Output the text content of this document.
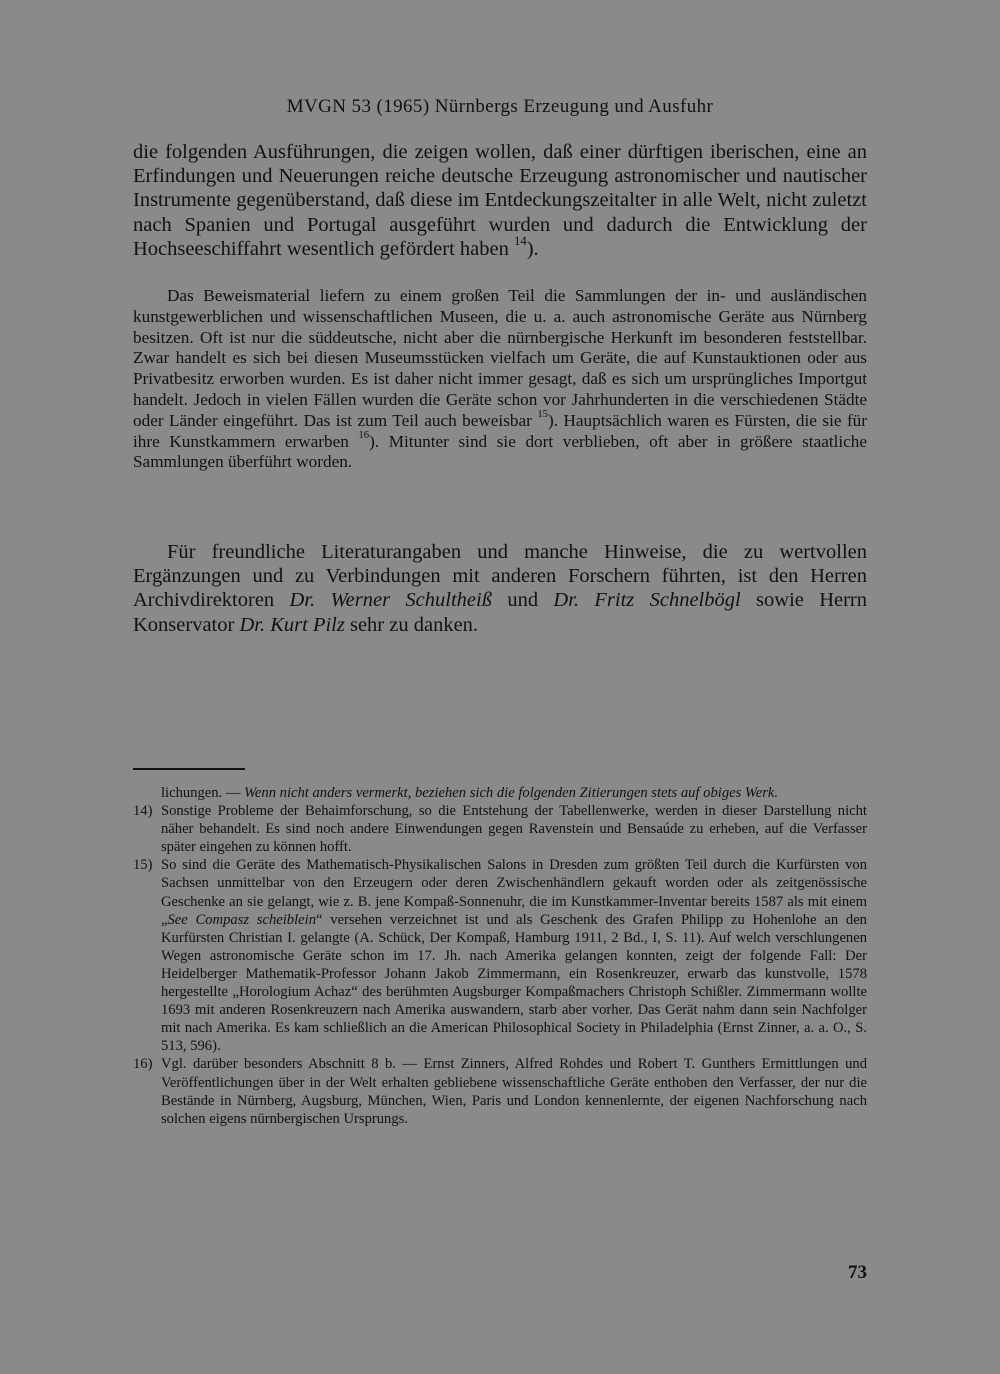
MVGN 53 (1965) Nürnbergs Erzeugung und Ausfuhr

die folgenden Ausführungen, die zeigen wollen, daß einer dürftigen iberischen, eine an Erfindungen und Neuerungen reiche deutsche Erzeugung astronomischer und nautischer Instrumente gegenüberstand, daß diese im Entdeckungszeitalter in alle Welt, nicht zuletzt nach Spanien und Portugal ausgeführt wurden und dadurch die Entwicklung der Hochseeschiffahrt wesentlich gefördert haben $^{14}$).

Das Beweismaterial liefern zu einem großen Teil die Sammlungen der in- und ausländischen kunstgewerblichen und wissenschaftlichen Museen, die u. a. auch astronomische Geräte aus Nürnberg besitzen. Oft ist nur die süddeutsche, nicht aber die nürnbergische Herkunft im besonderen feststellbar. Zwar handelt es sich bei diesen Museumsstücken vielfach um Geräte, die auf Kunstauktionen oder aus Privatbesitz erworben wurden. Es ist daher nicht immer gesagt, daß es sich um ursprüngliches Importgut handelt. Jedoch in vielen Fällen wurden die Geräte schon vor Jahrhunderten in die verschiedenen Städte oder Länder eingeführt. Das ist zum Teil auch beweisbar $^{15}$). Hauptsächlich waren es Fürsten, die sie für ihre Kunstkammern erwarben $^{16}$). Mitunter sind sie dort verblieben, oft aber in größere staatliche Sammlungen überführt worden.

Für freundliche Literaturangaben und manche Hinweise, die zu wertvollen Ergänzungen und zu Verbindungen mit anderen Forschern führten, ist den Herren Archivdirektoren Dr. Werner Schultheiß und Dr. Fritz Schnelbögl sowie Herrn Konservator Dr. Kurt Pilz sehr zu danken.

lichungen. — Wenn nicht anders vermerkt, beziehen sich die folgenden Zitierungen stets auf obiges Werk.

14) Sonstige Probleme der Behaimforschung, so die Entstehung der Tabellenwerke, werden in dieser Darstellung nicht näher behandelt. Es sind noch andere Einwendungen gegen Ravenstein und Bensaúde zu erheben, auf die Verfasser später eingehen zu können hofft.

15) So sind die Geräte des Mathematisch-Physikalischen Salons in Dresden zum größten Teil durch die Kurfürsten von Sachsen unmittelbar von den Erzeugern oder deren Zwischenhändlern gekauft worden oder als zeitgenössische Geschenke an sie gelangt, wie z. B. jene Kompaß-Sonnenuhr, die im Kunstkammer-Inventar bereits 1587 als mit einem „See Compasz scheiblein“ versehen verzeichnet ist und als Geschenk des Grafen Philipp zu Hohenlohe an den Kurfürsten Christian I. gelangte (A. Schück, Der Kompaß, Hamburg 1911, 2 Bd., I, S. 11). Auf welch verschlungenen Wegen astronomische Geräte schon im 17. Jh. nach Amerika gelangen konnten, zeigt der folgende Fall: Der Heidelberger Mathematik-Professor Johann Jakob Zimmermann, ein Rosenkreuzer, erwarb das kunstvolle, 1578 hergestellte „Horologium Achaz“ des berühmten Augsburger Kompaßmachers Christoph Schißler. Zimmermann wollte 1693 mit anderen Rosenkreuzern nach Amerika auswandern, starb aber vorher. Das Gerät nahm dann sein Nachfolger mit nach Amerika. Es kam schließlich an die American Philosophical Society in Philadelphia (Ernst Zinner, a. a. O., S. 513, 596).

16) Vgl. darüber besonders Abschnitt 8 b. — Ernst Zinners, Alfred Rohdes und Robert T. Gunthers Ermittlungen und Veröffentlichungen über in der Welt erhalten gebliebene wissenschaftliche Geräte enthoben den Verfasser, der nur die Bestände in Nürnberg, Augsburg, München, Wien, Paris und London kennenlernte, der eigenen Nachforschung nach solchen eigens nürnbergischen Ursprungs.

73
